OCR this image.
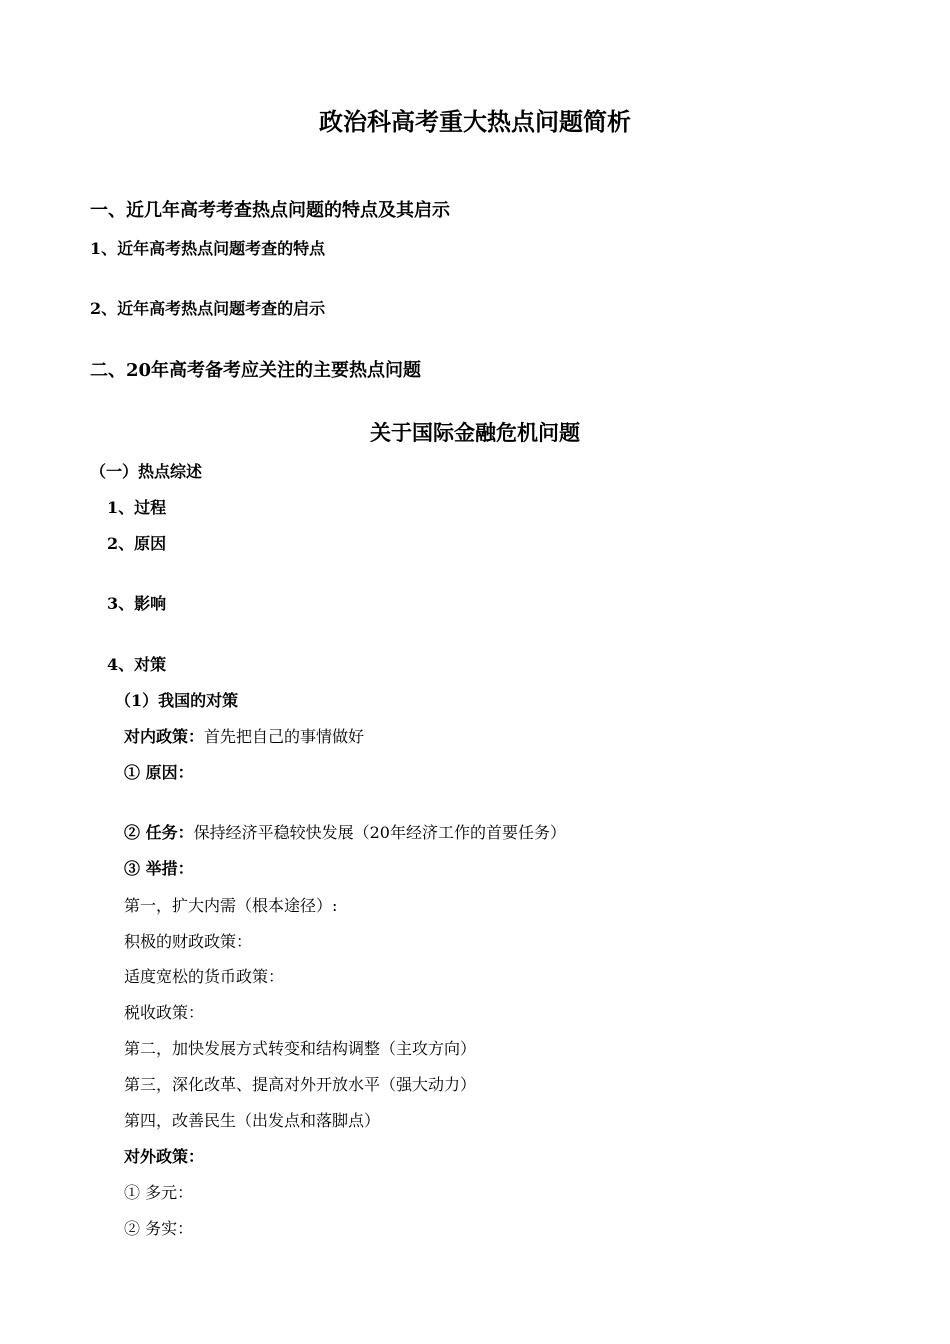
政治科高考重大热点问题简析
一、近几年高考考查热点问题的特点及其启示
1、近年高考热点问题考查的特点
2、近年高考热点问题考查的启示
二、20年高考备考应关注的主要热点问题
关于国际金融危机问题
（一）热点综述
1、过程
2、原因
3、影响
4、对策
（1）我国的对策
对内政策：首先把自己的事情做好
① 原因：
② 任务：保持经济平稳较快发展（20年经济工作的首要任务）
③ 举措：
第一，扩大内需（根本途径）:
积极的财政政策：
适度宽松的货币政策：
税收政策：
第二，加快发展方式转变和结构调整（主攻方向）
第三，深化改革、提高对外开放水平（强大动力）
第四，改善民生（出发点和落脚点）
对外政策：
① 多元：
② 务实：
